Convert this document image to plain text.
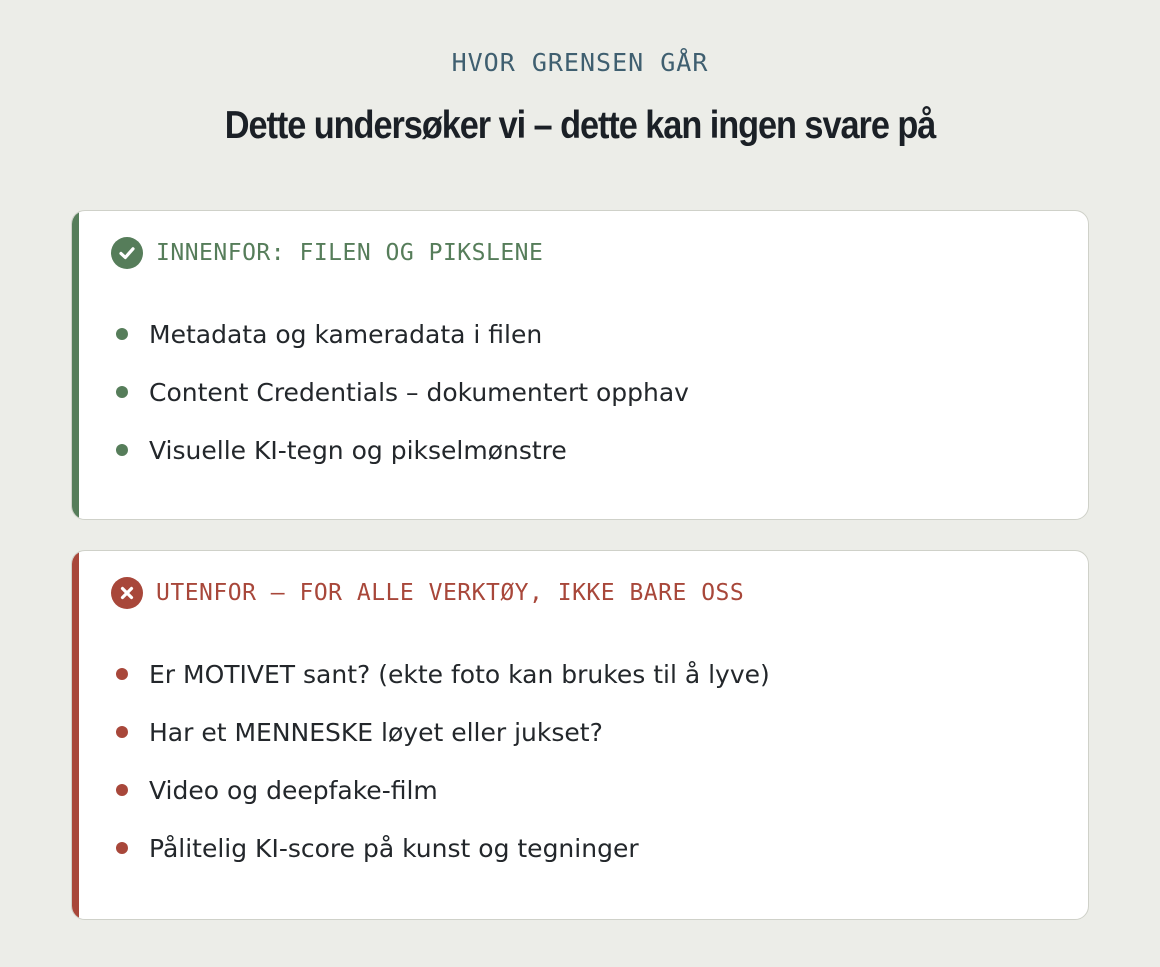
HVOR GRENSEN GÅR
Dette undersøker vi – dette kan ingen svare på
INNENFOR: FILEN OG PIKSLENE
Metadata og kameradata i filen
Content Credentials – dokumentert opphav
Visuelle KI-tegn og pikselmønstre
UTENFOR – FOR ALLE VERKTØY, IKKE BARE OSS
Er MOTIVET sant? (ekte foto kan brukes til å lyve)
Har et MENNESKE løyet eller jukset?
Video og deepfake-film
Pålitelig KI-score på kunst og tegninger
